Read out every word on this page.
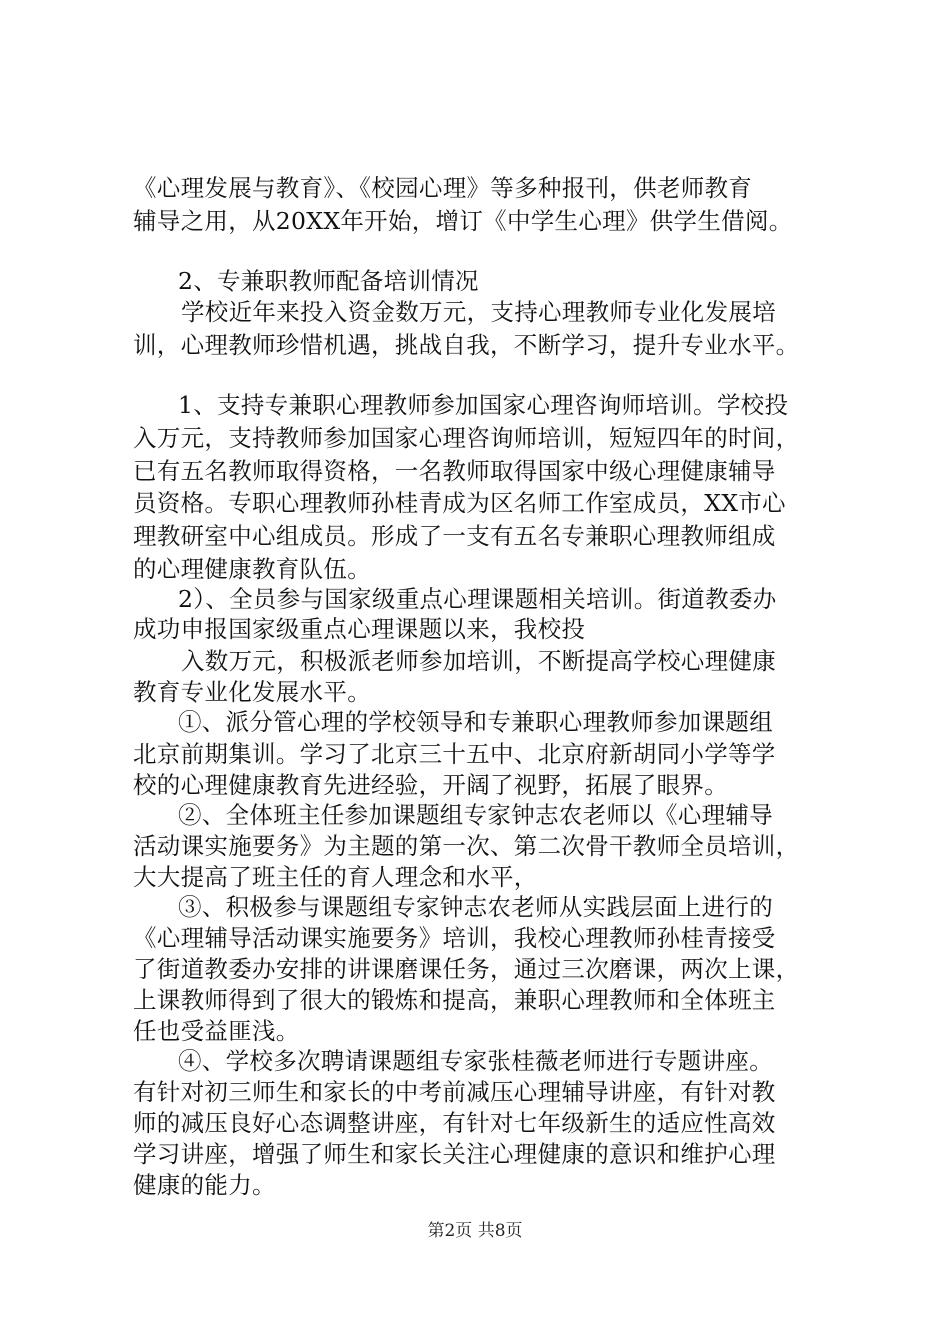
《心理发展与教育》、《校园心理》等多种报刊，供老师教育
辅导之用，从20XX年开始，增订《中学生心理》供学生借阅。
2、专兼职教师配备培训情况
学校近年来投入资金数万元，支持心理教师专业化发展培
训，心理教师珍惜机遇，挑战自我，不断学习，提升专业水平。
1、支持专兼职心理教师参加国家心理咨询师培训。学校投
入万元，支持教师参加国家心理咨询师培训，短短四年的时间，
已有五名教师取得资格，一名教师取得国家中级心理健康辅导
员资格。专职心理教师孙桂青成为区名师工作室成员，XX市心
理教研室中心组成员。形成了一支有五名专兼职心理教师组成
的心理健康教育队伍。
2）、全员参与国家级重点心理课题相关培训。街道教委办
成功申报国家级重点心理课题以来，我校投
入数万元，积极派老师参加培训，不断提高学校心理健康
教育专业化发展水平。
①、派分管心理的学校领导和专兼职心理教师参加课题组
北京前期集训。学习了北京三十五中、北京府新胡同小学等学
校的心理健康教育先进经验，开阔了视野，拓展了眼界。
②、全体班主任参加课题组专家钟志农老师以《心理辅导
活动课实施要务》为主题的第一次、第二次骨干教师全员培训，
大大提高了班主任的育人理念和水平，
③、积极参与课题组专家钟志农老师从实践层面上进行的
《心理辅导活动课实施要务》培训，我校心理教师孙桂青接受
了街道教委办安排的讲课磨课任务，通过三次磨课，两次上课，
上课教师得到了很大的锻炼和提高，兼职心理教师和全体班主
任也受益匪浅。
④、学校多次聘请课题组专家张桂薇老师进行专题讲座。
有针对初三师生和家长的中考前减压心理辅导讲座，有针对教
师的减压良好心态调整讲座，有针对七年级新生的适应性高效
学习讲座，增强了师生和家长关注心理健康的意识和维护心理
健康的能力。
第2页 共8页
